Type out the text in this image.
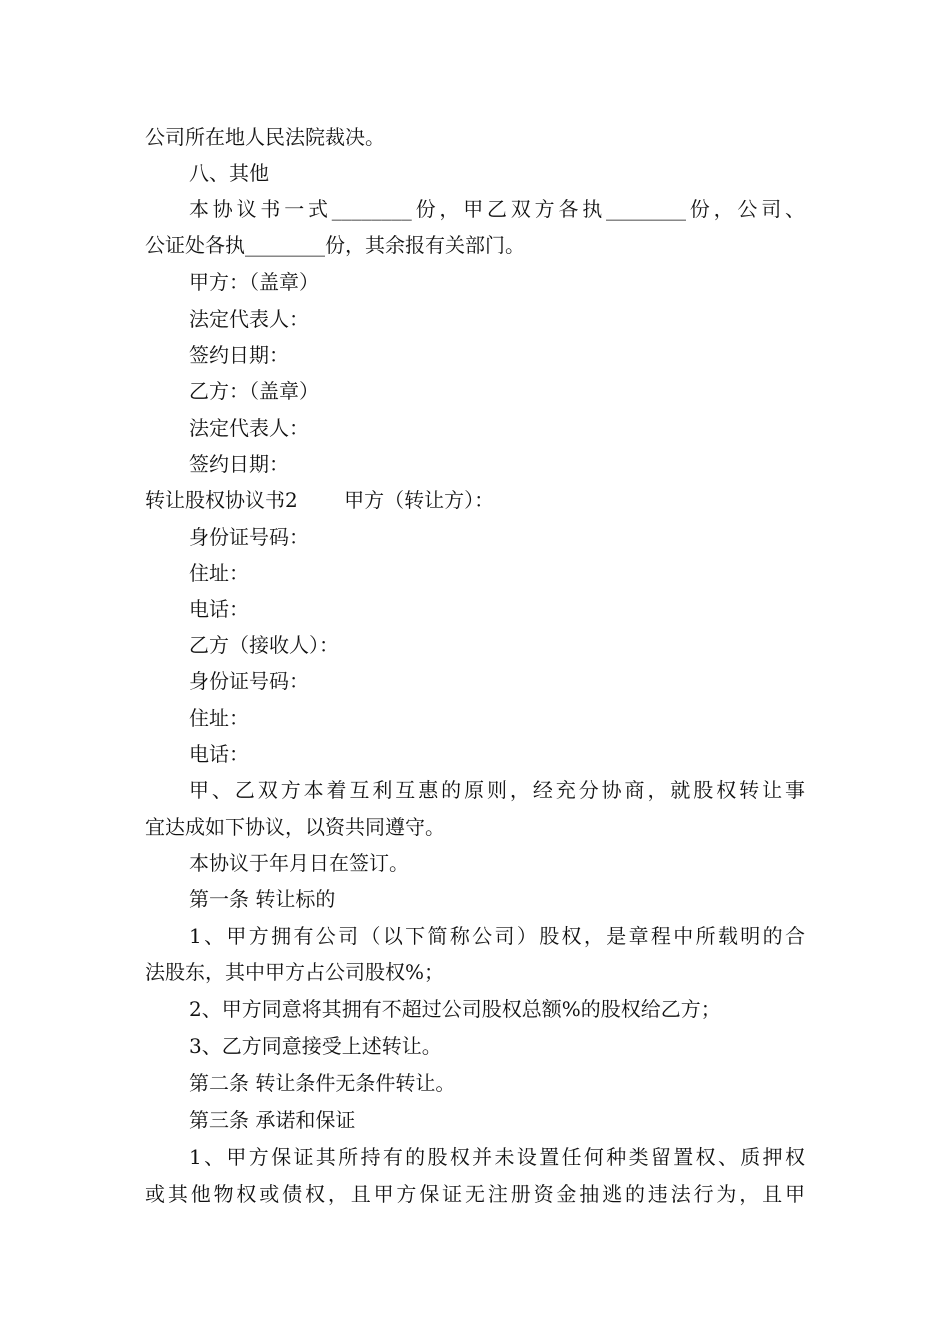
公司所在地人民法院裁决。
八、其他
本协议书一式________份，甲乙双方各执________份，公司、
公证处各执________份，其余报有关部门。
甲方：（盖章）
法定代表人：
签约日期：
乙方：（盖章）
法定代表人：
签约日期：
转让股权协议书2　　 甲方（转让方）：
身份证号码：
住址：
电话：
乙方（接收人）：
身份证号码：
住址：
电话：
甲、乙双方本着互利互惠的原则，经充分协商，就股权转让事
宜达成如下协议，以资共同遵守。
本协议于年月日在签订。
第一条 转让标的
1、甲方拥有公司（以下简称公司）股权，是章程中所载明的合
法股东，其中甲方占公司股权%；
2、甲方同意将其拥有不超过公司股权总额%的股权给乙方；
3、乙方同意接受上述转让。
第二条 转让条件无条件转让。
第三条 承诺和保证
1、甲方保证其所持有的股权并未设置任何种类留置权、质押权
或其他物权或债权，且甲方保证无注册资金抽逃的违法行为，且甲
